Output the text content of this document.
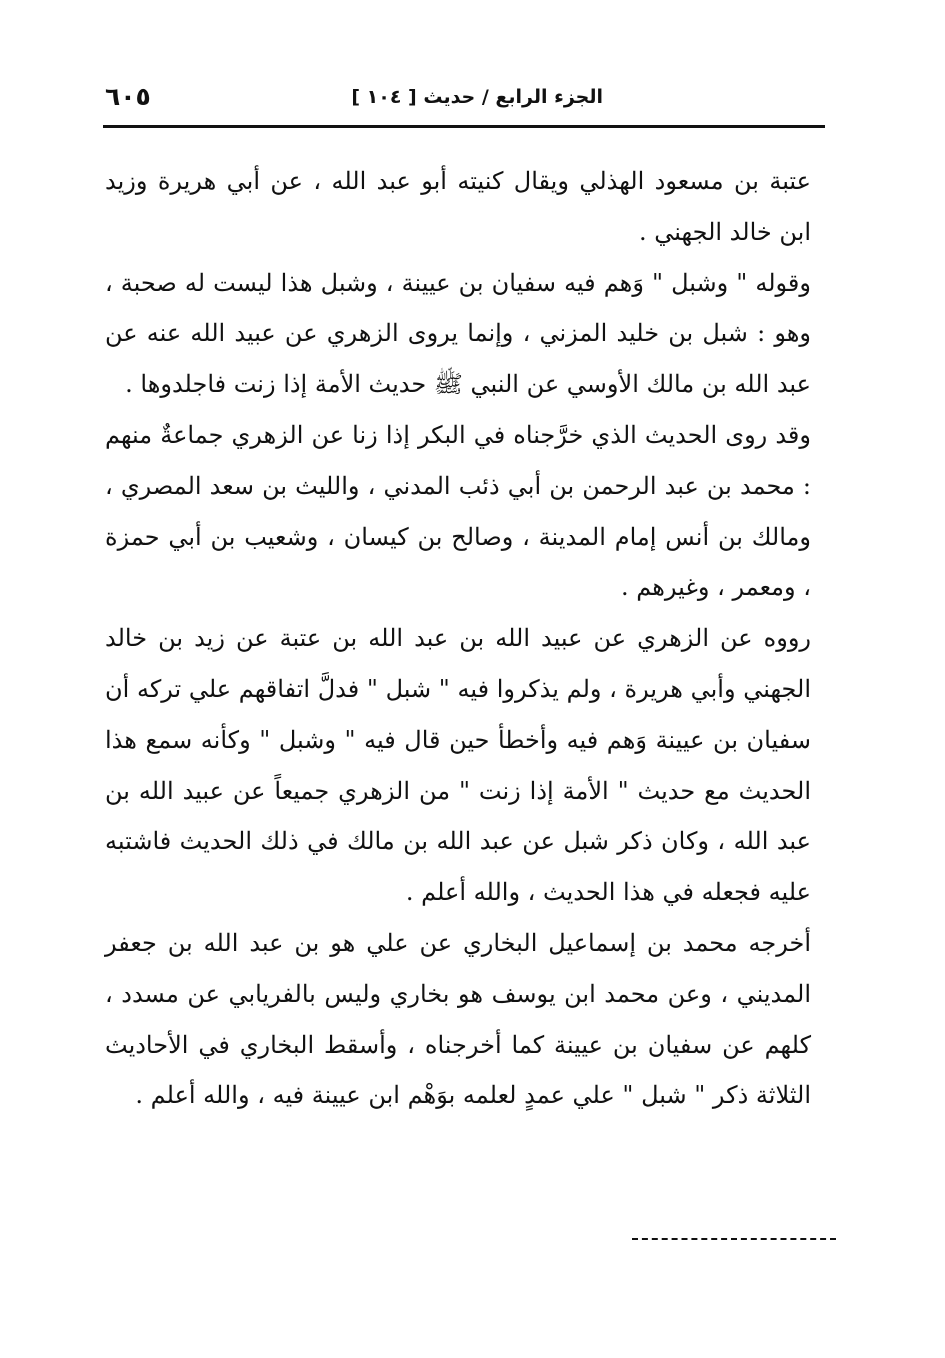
الجزء الرابع / حديث [ ١٠٤ ]
٦٠٥

عتبة بن مسعود الهذلي ويقال كنيته أبو عبد الله ، عن أبي هريرة وزيد ابن خالد الجهني .

وقوله " وشبل " وَهم فيه سفيان بن عيينة ، وشبل هذا ليست له صحبة ، وهو : شبل بن خليد المزني ، وإنما يروى الزهري عن عبيد الله عنه عن عبد الله بن مالك الأوسي عن النبي ﷺ حديث الأمة إذا زنت فاجلدوها .

وقد روى الحديث الذي خرَّجناه في البكر إذا زنا عن الزهري جماعةٌ منهم : محمد بن عبد الرحمن بن أبي ذئب المدني ، والليث بن سعد المصري ، ومالك بن أنس إمام المدينة ، وصالح بن كيسان ، وشعيب بن أبي حمزة ، ومعمر ، وغيرهم .

رووه عن الزهري عن عبيد الله بن عبد الله بن عتبة عن زيد بن خالد الجهني وأبي هريرة ، ولم يذكروا فيه " شبل " فدلَّ اتفاقهم علي تركه أن سفيان بن عيينة وَهم فيه وأخطأ حين قال فيه " وشبل " وكأنه سمع هذا الحديث مع حديث " الأمة إذا زنت " من الزهري جميعاً عن عبيد الله بن عبد الله ، وكان ذكر شبل عن عبد الله بن مالك في ذلك الحديث فاشتبه عليه فجعله في هذا الحديث ، والله أعلم .

أخرجه محمد بن إسماعيل البخاري عن علي هو بن عبد الله بن جعفر المديني ، وعن محمد ابن يوسف هو بخاري وليس بالفريابي عن مسدد ، كلهم عن سفيان بن عيينة كما أخرجناه ، وأسقط البخاري في الأحاديث الثلاثة ذكر " شبل " علي عمدٍ لعلمه بوَهْم ابن عيينة فيه ، والله أعلم .
